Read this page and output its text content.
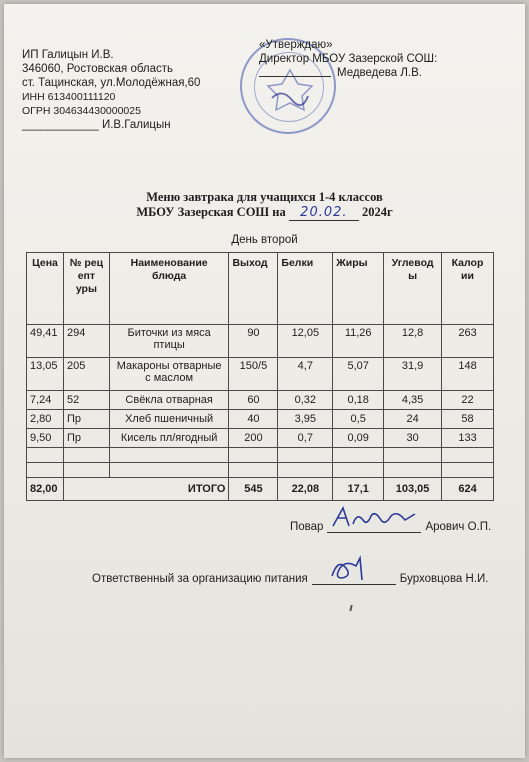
ИП Галицын И.В.
346060, Ростовская область
ст. Тацинская, ул.Молодёжная,60
ИНН 613400111120
ОГРН 304634430000025
____________ И.В.Галицын
«Утверждаю»
Директор МБОУ Зазерской СОШ:
Медведева Л.В.
Меню завтрака для учащихся 1-4 классов
МБОУ Зазерская СОШ на 20.02. 2024г
День второй
Цена	№ рец епт уры	Наименование блюда	Выход	Белки	Жиры	Углевод ы	Калор ии
49,41	294	Биточки из мяса птицы	90	12,05	11,26	12,8	263
13,05	205	Макароны отварные с маслом	150/5	4,7	5,07	31,9	148
7,24	52	Свёкла отварная	60	0,32	0,18	4,35	22
2,80	Пр	Хлеб пшеничный	40	3,95	0,5	24	58
9,50	Пр	Кисель пл/ягодный	200	0,7	0,09	30	133

82,00	ИТОГО		545	22,08	17,1	103,05	624
Повар	Арович О.П.
Ответственный за организацию питания	Бурховцова Н.И.
